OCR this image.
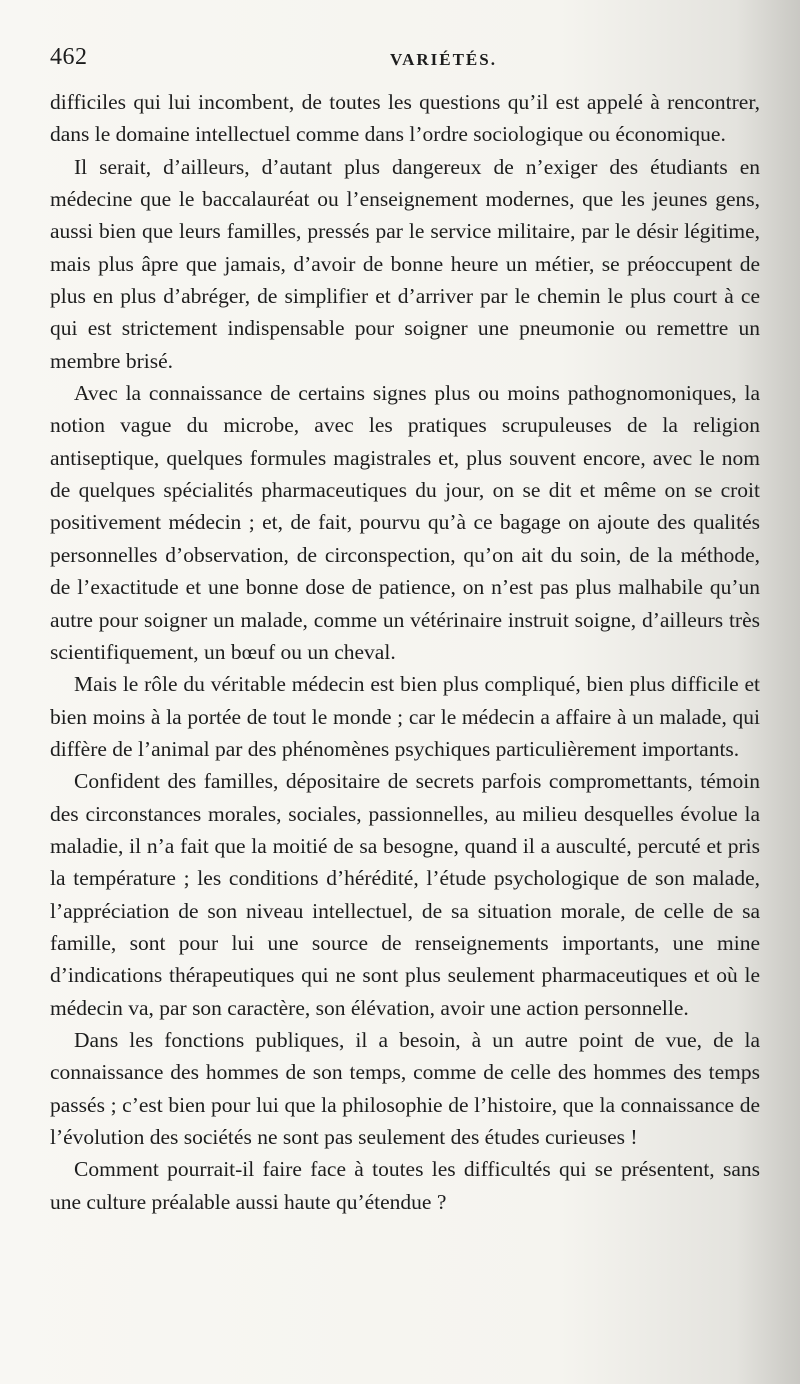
462	VARIÉTÉS.

difficiles qui lui incombent, de toutes les questions qu’il est appelé à rencontrer, dans le domaine intellectuel comme dans l’ordre sociologique ou économique.

Il serait, d’ailleurs, d’autant plus dangereux de n’exiger des étudiants en médecine que le baccalauréat ou l’enseignement modernes, que les jeunes gens, aussi bien que leurs familles, pressés par le service militaire, par le désir légitime, mais plus âpre que jamais, d’avoir de bonne heure un métier, se préoccupent de plus en plus d’abréger, de simplifier et d’arriver par le chemin le plus court à ce qui est strictement indispensable pour soigner une pneumonie ou remettre un membre brisé.

Avec la connaissance de certains signes plus ou moins pathognomoniques, la notion vague du microbe, avec les pratiques scrupuleuses de la religion antiseptique, quelques formules magistrales et, plus souvent encore, avec le nom de quelques spécialités pharmaceutiques du jour, on se dit et même on se croit positivement médecin ; et, de fait, pourvu qu’à ce bagage on ajoute des qualités personnelles d’observation, de circonspection, qu’on ait du soin, de la méthode, de l’exactitude et une bonne dose de patience, on n’est pas plus malhabile qu’un autre pour soigner un malade, comme un vétérinaire instruit soigne, d’ailleurs très scientifiquement, un bœuf ou un cheval.

Mais le rôle du véritable médecin est bien plus compliqué, bien plus difficile et bien moins à la portée de tout le monde ; car le médecin a affaire à un malade, qui diffère de l’animal par des phénomènes psychiques particulièrement importants.

Confident des familles, dépositaire de secrets parfois compromettants, témoin des circonstances morales, sociales, passionnelles, au milieu desquelles évolue la maladie, il n’a fait que la moitié de sa besogne, quand il a ausculté, percuté et pris la température ; les conditions d’hérédité, l’étude psychologique de son malade, l’appréciation de son niveau intellectuel, de sa situation morale, de celle de sa famille, sont pour lui une source de renseignements importants, une mine d’indications thérapeutiques qui ne sont plus seulement pharmaceutiques et où le médecin va, par son caractère, son élévation, avoir une action personnelle.

Dans les fonctions publiques, il a besoin, à un autre point de vue, de la connaissance des hommes de son temps, comme de celle des hommes des temps passés ; c’est bien pour lui que la philosophie de l’histoire, que la connaissance de l’évolution des sociétés ne sont pas seulement des études curieuses !

Comment pourrait-il faire face à toutes les difficultés qui se présentent, sans une culture préalable aussi haute qu’étendue ?
